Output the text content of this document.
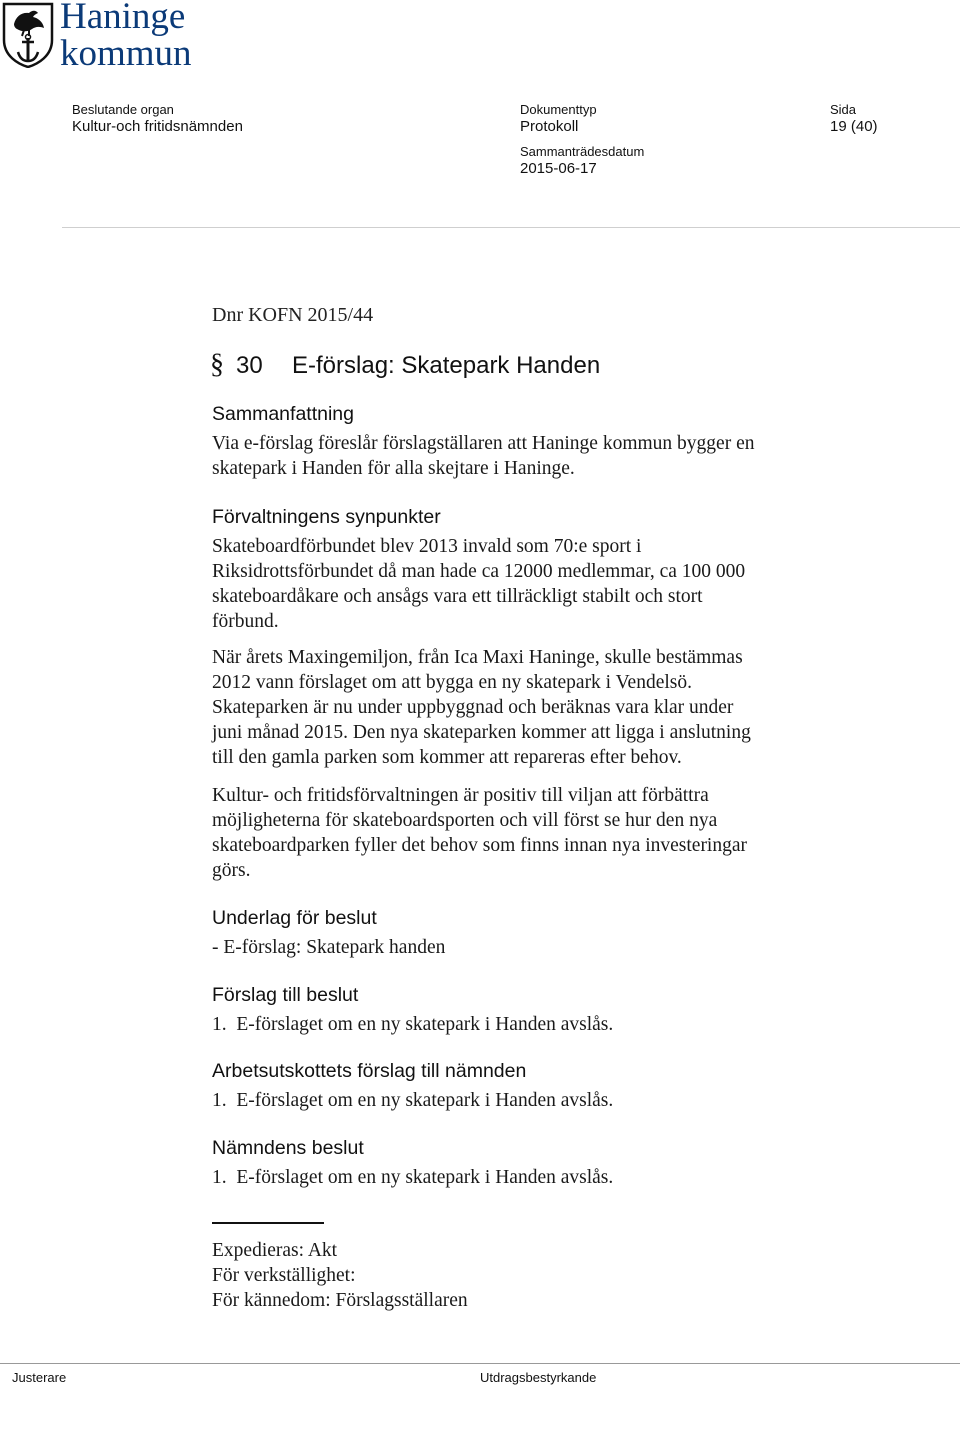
Haninge
kommun
Beslutande organ
Kultur-och fritidsnämnden
Dokumenttyp
Protokoll
Sida
19 (40)
Sammanträdesdatum
2015-06-17
Dnr KOFN 2015/44
§ 30 E-förslag: Skatepark Handen
Sammanfattning
Via e-förslag föreslår förslagställaren att Haninge kommun bygger en
skatepark i Handen för alla skejtare i Haninge.
Förvaltningens synpunkter
Skateboardförbundet blev 2013 invald som 70:e sport i
Riksidrottsförbundet då man hade ca 12000 medlemmar, ca 100 000
skateboardåkare och ansågs vara ett tillräckligt stabilt och stort
förbund.
När årets Maxingemiljon, från Ica Maxi Haninge, skulle bestämmas
2012 vann förslaget om att bygga en ny skatepark i Vendelsö.
Skateparken är nu under uppbyggnad och beräknas vara klar under
juni månad 2015. Den nya skateparken kommer att ligga i anslutning
till den gamla parken som kommer att repareras efter behov.
Kultur- och fritidsförvaltningen är positiv till viljan att förbättra
möjligheterna för skateboardsporten och vill först se hur den nya
skateboardparken fyller det behov som finns innan nya investeringar
görs.
Underlag för beslut
- E-förslag: Skatepark handen
Förslag till beslut
1.  E-förslaget om en ny skatepark i Handen avslås.
Arbetsutskottets förslag till nämnden
1.  E-förslaget om en ny skatepark i Handen avslås.
Nämndens beslut
1.  E-förslaget om en ny skatepark i Handen avslås.
Expedieras: Akt
För verkställighet:
För kännedom: Förslagsställaren
Justerare	Utdragsbestyrkande
